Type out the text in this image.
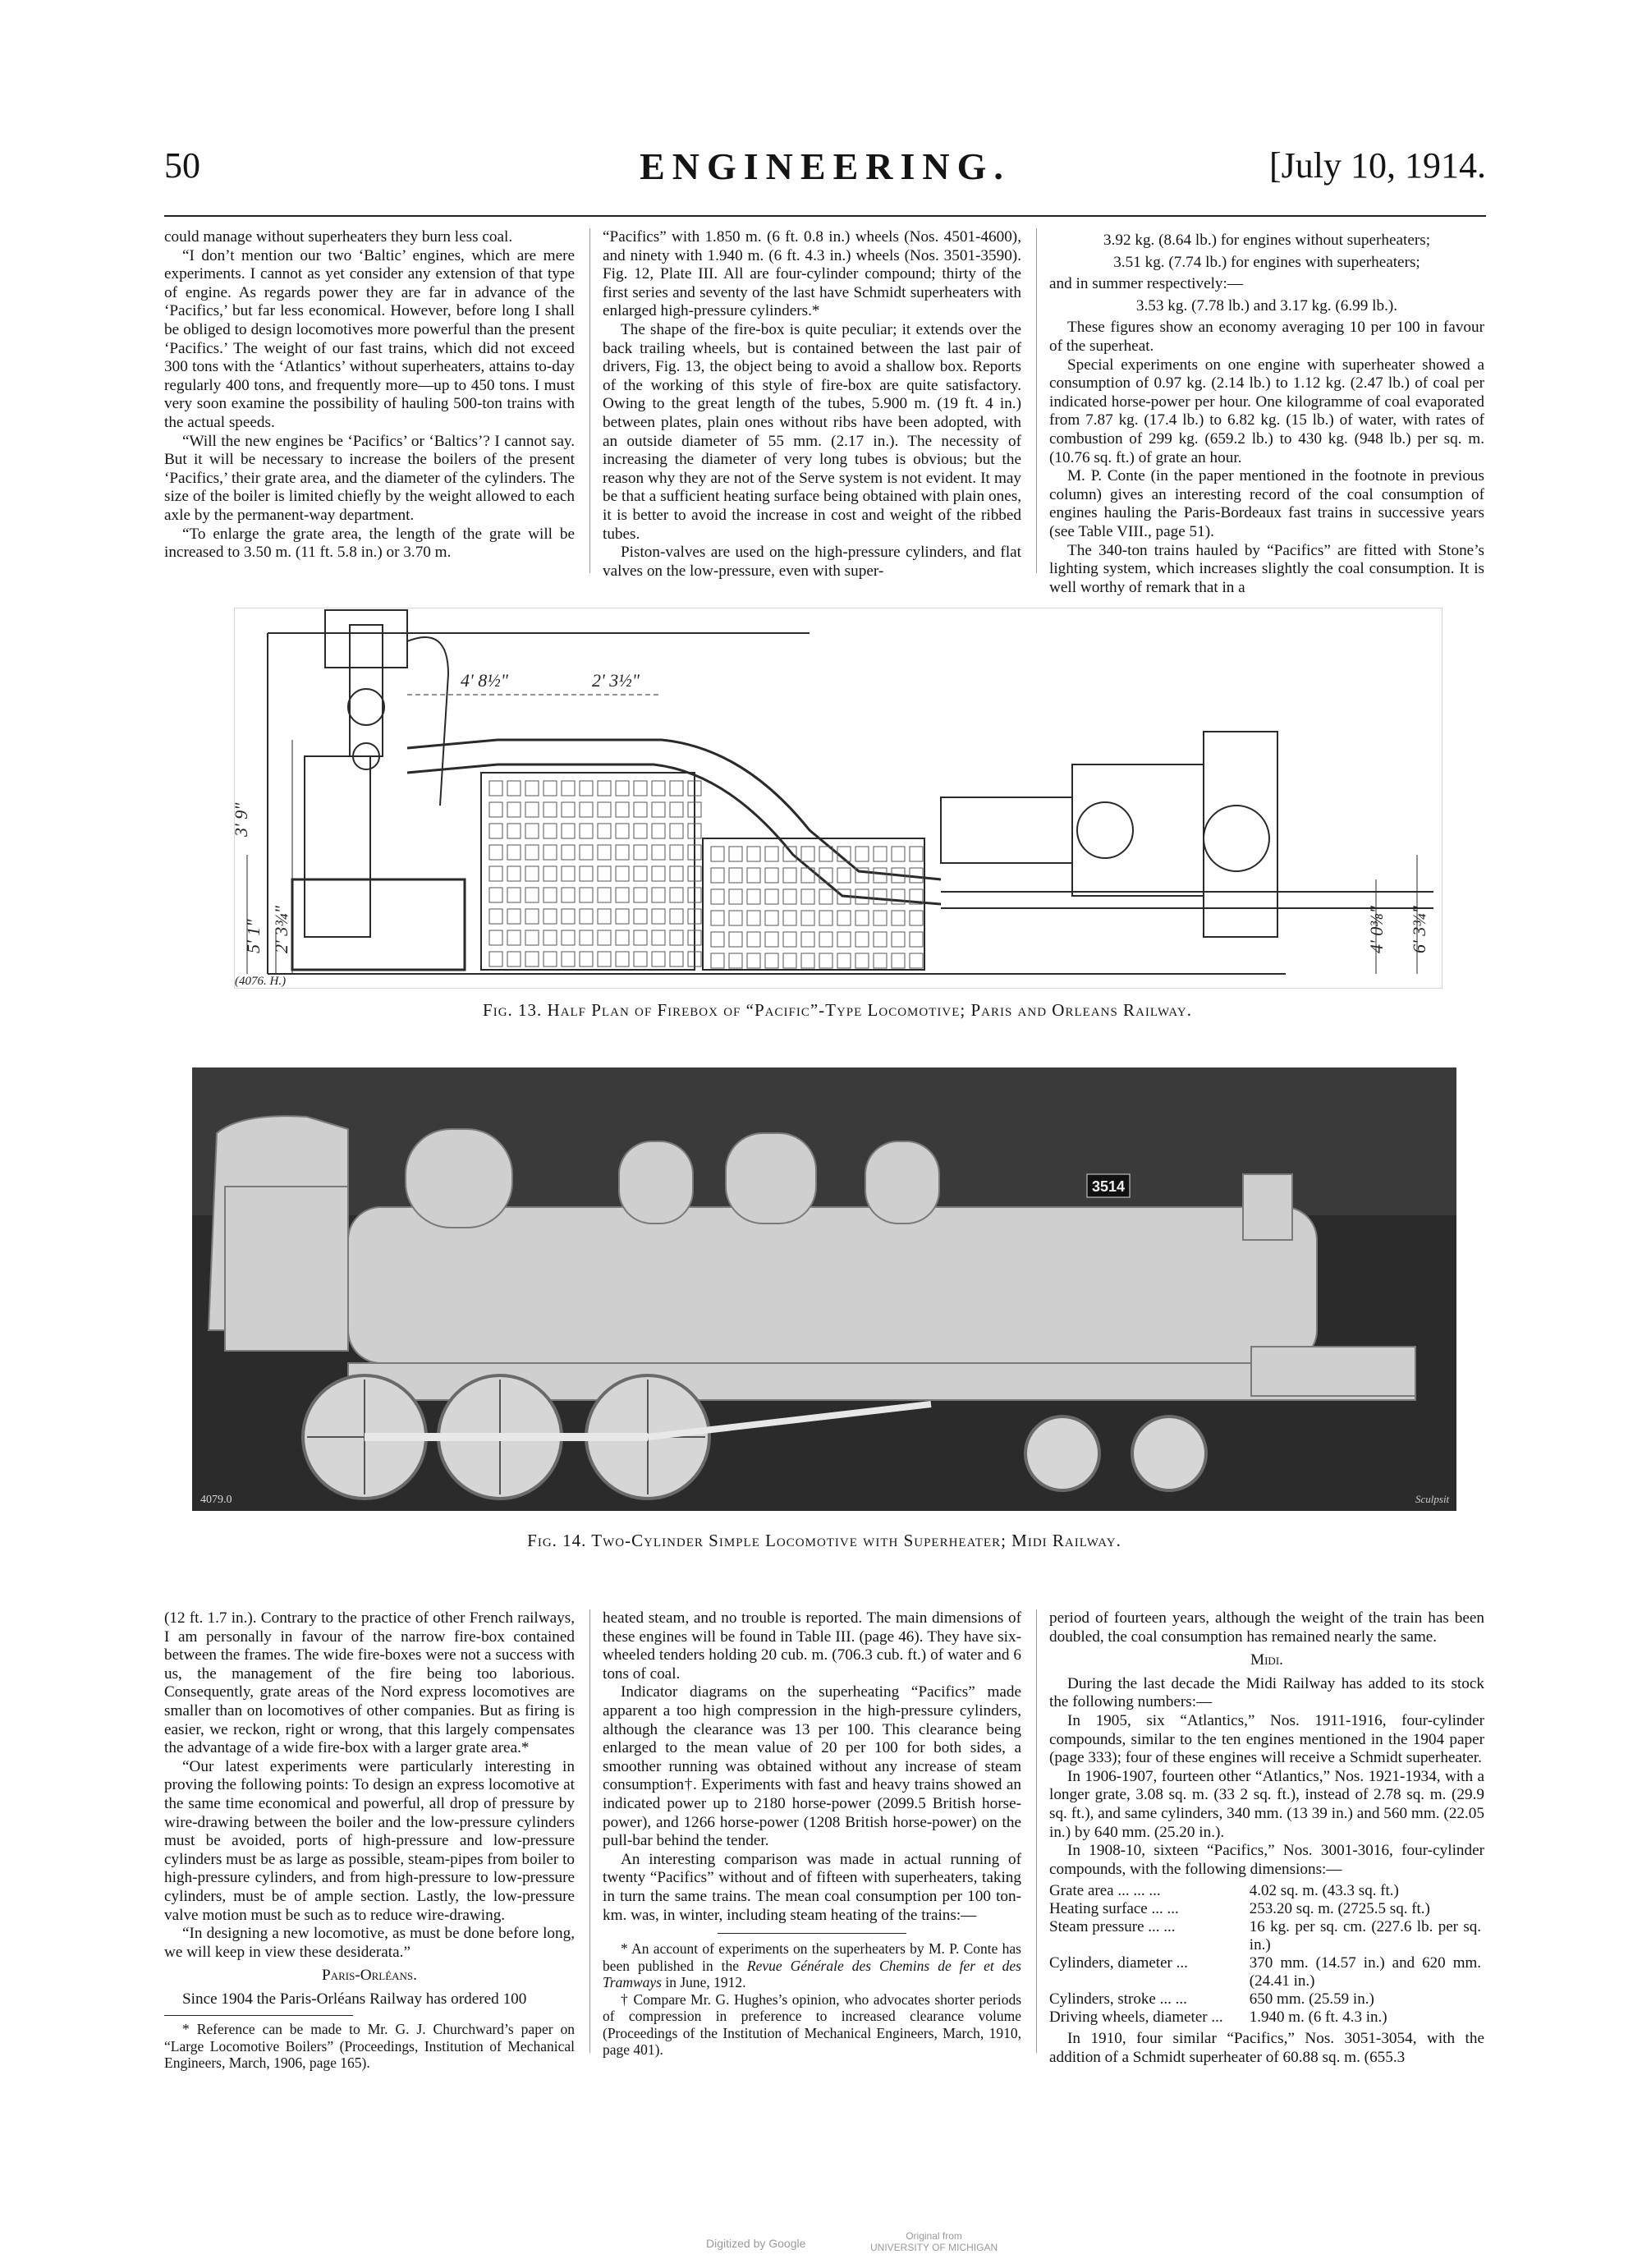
50	ENGINEERING.	[July 10, 1914.

could manage without superheaters they burn less coal.

“I don’t mention our two ‘Baltic’ engines, which are mere experiments. I cannot as yet consider any extension of that type of engine. As regards power they are far in advance of the ‘Pacifics,’ but far less economical. However, before long I shall be obliged to design locomotives more powerful than the present ‘Pacifics.’ The weight of our fast trains, which did not exceed 300 tons with the ‘Atlantics’ without superheaters, attains to-day regularly 400 tons, and frequently more—up to 450 tons. I must very soon examine the possibility of hauling 500-ton trains with the actual speeds.

“Will the new engines be ‘Pacifics’ or ‘Baltics’? I cannot say. But it will be necessary to increase the boilers of the present ‘Pacifics,’ their grate area, and the diameter of the cylinders. The size of the boiler is limited chiefly by the weight allowed to each axle by the permanent-way department.

“To enlarge the grate area, the length of the grate will be increased to 3.50 m. (11 ft. 5.8 in.) or 3.70 m.

“Pacifics” with 1.850 m. (6 ft. 0.8 in.) wheels (Nos. 4501-4600), and ninety with 1.940 m. (6 ft. 4.3 in.) wheels (Nos. 3501-3590). Fig. 12, Plate III. All are four-cylinder compound; thirty of the first series and seventy of the last have Schmidt superheaters with enlarged high-pressure cylinders.*

The shape of the fire-box is quite peculiar; it extends over the back trailing wheels, but is contained between the last pair of drivers, Fig. 13, the object being to avoid a shallow box. Reports of the working of this style of fire-box are quite satisfactory. Owing to the great length of the tubes, 5.900 m. (19 ft. 4 in.) between plates, plain ones without ribs have been adopted, with an outside diameter of 55 mm. (2.17 in.). The necessity of increasing the diameter of very long tubes is obvious; but the reason why they are not of the Serve system is not evident. It may be that a sufficient heating surface being obtained with plain ones, it is better to avoid the increase in cost and weight of the ribbed tubes.

Piston-valves are used on the high-pressure cylinders, and flat valves on the low-pressure, even with super-

3.92 kg. (8.64 lb.) for engines without superheaters;

3.51 kg. (7.74 lb.) for engines with superheaters;

and in summer respectively:—

3.53 kg. (7.78 lb.) and 3.17 kg. (6.99 lb.).

These figures show an economy averaging 10 per 100 in favour of the superheat.

Special experiments on one engine with superheater showed a consumption of 0.97 kg. (2.14 lb.) to 1.12 kg. (2.47 lb.) of coal per indicated horse-power per hour. One kilogramme of coal evaporated from 7.87 kg. (17.4 lb.) to 6.82 kg. (15 lb.) of water, with rates of combustion of 299 kg. (659.2 lb.) to 430 kg. (948 lb.) per sq. m. (10.76 sq. ft.) of grate an hour.

M. P. Conte (in the paper mentioned in the footnote in previous column) gives an interesting record of the coal consumption of engines hauling the Paris-Bordeaux fast trains in successive years (see Table VIII., page 51).

The 340-ton trains hauled by “Pacifics” are fitted with Stone’s lighting system, which increases slightly the coal consumption. It is well worthy of remark that in a

4' 8½"	2' 3½"
3' 9"
5' 1" 2' 3¾"	4' 0⅜" 6' 3¾"
(4076. H.)
Fig. 13. Half Plan of Firebox of “Pacific”-Type Locomotive; Paris and Orleans Railway.
3514
4079.0	Sculpsit
Fig. 14. Two-Cylinder Simple Locomotive with Superheater; Midi Railway.

(12 ft. 1.7 in.). Contrary to the practice of other French railways, I am personally in favour of the narrow fire-box contained between the frames. The wide fire-boxes were not a success with us, the management of the fire being too laborious. Consequently, grate areas of the Nord express locomotives are smaller than on locomotives of other companies. But as firing is easier, we reckon, right or wrong, that this largely compensates the advantage of a wide fire-box with a larger grate area.*

“Our latest experiments were particularly interesting in proving the following points: To design an express locomotive at the same time economical and powerful, all drop of pressure by wire-drawing between the boiler and the low-pressure cylinders must be avoided, ports of high-pressure and low-pressure cylinders must be as large as possible, steam-pipes from boiler to high-pressure cylinders, and from high-pressure to low-pressure cylinders, must be of ample section. Lastly, the low-pressure valve motion must be such as to reduce wire-drawing.

“In designing a new locomotive, as must be done before long, we will keep in view these desiderata.”

Paris-Orléans.

Since 1904 the Paris-Orléans Railway has ordered 100

* Reference can be made to Mr. G. J. Churchward’s paper on “Large Locomotive Boilers” (Proceedings, Institution of Mechanical Engineers, March, 1906, page 165).

heated steam, and no trouble is reported. The main dimensions of these engines will be found in Table III. (page 46). They have six-wheeled tenders holding 20 cub. m. (706.3 cub. ft.) of water and 6 tons of coal.

Indicator diagrams on the superheating “Pacifics” made apparent a too high compression in the high-pressure cylinders, although the clearance was 13 per 100. This clearance being enlarged to the mean value of 20 per 100 for both sides, a smoother running was obtained without any increase of steam consumption†. Experiments with fast and heavy trains showed an indicated power up to 2180 horse-power (2099.5 British horse-power), and 1266 horse-power (1208 British horse-power) on the pull-bar behind the tender.

An interesting comparison was made in actual running of twenty “Pacifics” without and of fifteen with superheaters, taking in turn the same trains. The mean coal consumption per 100 ton-km. was, in winter, including steam heating of the trains:—

* An account of experiments on the superheaters by M. P. Conte has been published in the Revue Générale des Chemins de fer et des Tramways in June, 1912.

† Compare Mr. G. Hughes’s opinion, who advocates shorter periods of compression in preference to increased clearance volume (Proceedings of the Institution of Mechanical Engineers, March, 1910, page 401).

period of fourteen years, although the weight of the train has been doubled, the coal consumption has remained nearly the same.

Midi.

During the last decade the Midi Railway has added to its stock the following numbers:—

In 1905, six “Atlantics,” Nos. 1911-1916, four-cylinder compounds, similar to the ten engines mentioned in the 1904 paper (page 333); four of these engines will receive a Schmidt superheater.

In 1906-1907, fourteen other “Atlantics,” Nos. 1921-1934, with a longer grate, 3.08 sq. m. (33 2 sq. ft.), instead of 2.78 sq. m. (29.9 sq. ft.), and same cylinders, 340 mm. (13 39 in.) and 560 mm. (22.05 in.) by 640 mm. (25.20 in.).

In 1908-10, sixteen “Pacifics,” Nos. 3001-3016, four-cylinder compounds, with the following dimensions:—

Grate area ... ... ...	4.02 sq. m. (43.3 sq. ft.)
Heating surface ... ...	253.20 sq. m. (2725.5 sq. ft.)
Steam pressure ... ...	16 kg. per sq. cm. (227.6 lb. per sq. in.)
Cylinders, diameter ...	370 mm. (14.57 in.) and 620 mm. (24.41 in.)
Cylinders, stroke ... ...	650 mm. (25.59 in.)
Driving wheels, diameter ...	1.940 m. (6 ft. 4.3 in.)

In 1910, four similar “Pacifics,” Nos. 3051-3054, with the addition of a Schmidt superheater of 60.88 sq. m. (655.3

Digitized by Google
Original from
UNIVERSITY OF MICHIGAN
